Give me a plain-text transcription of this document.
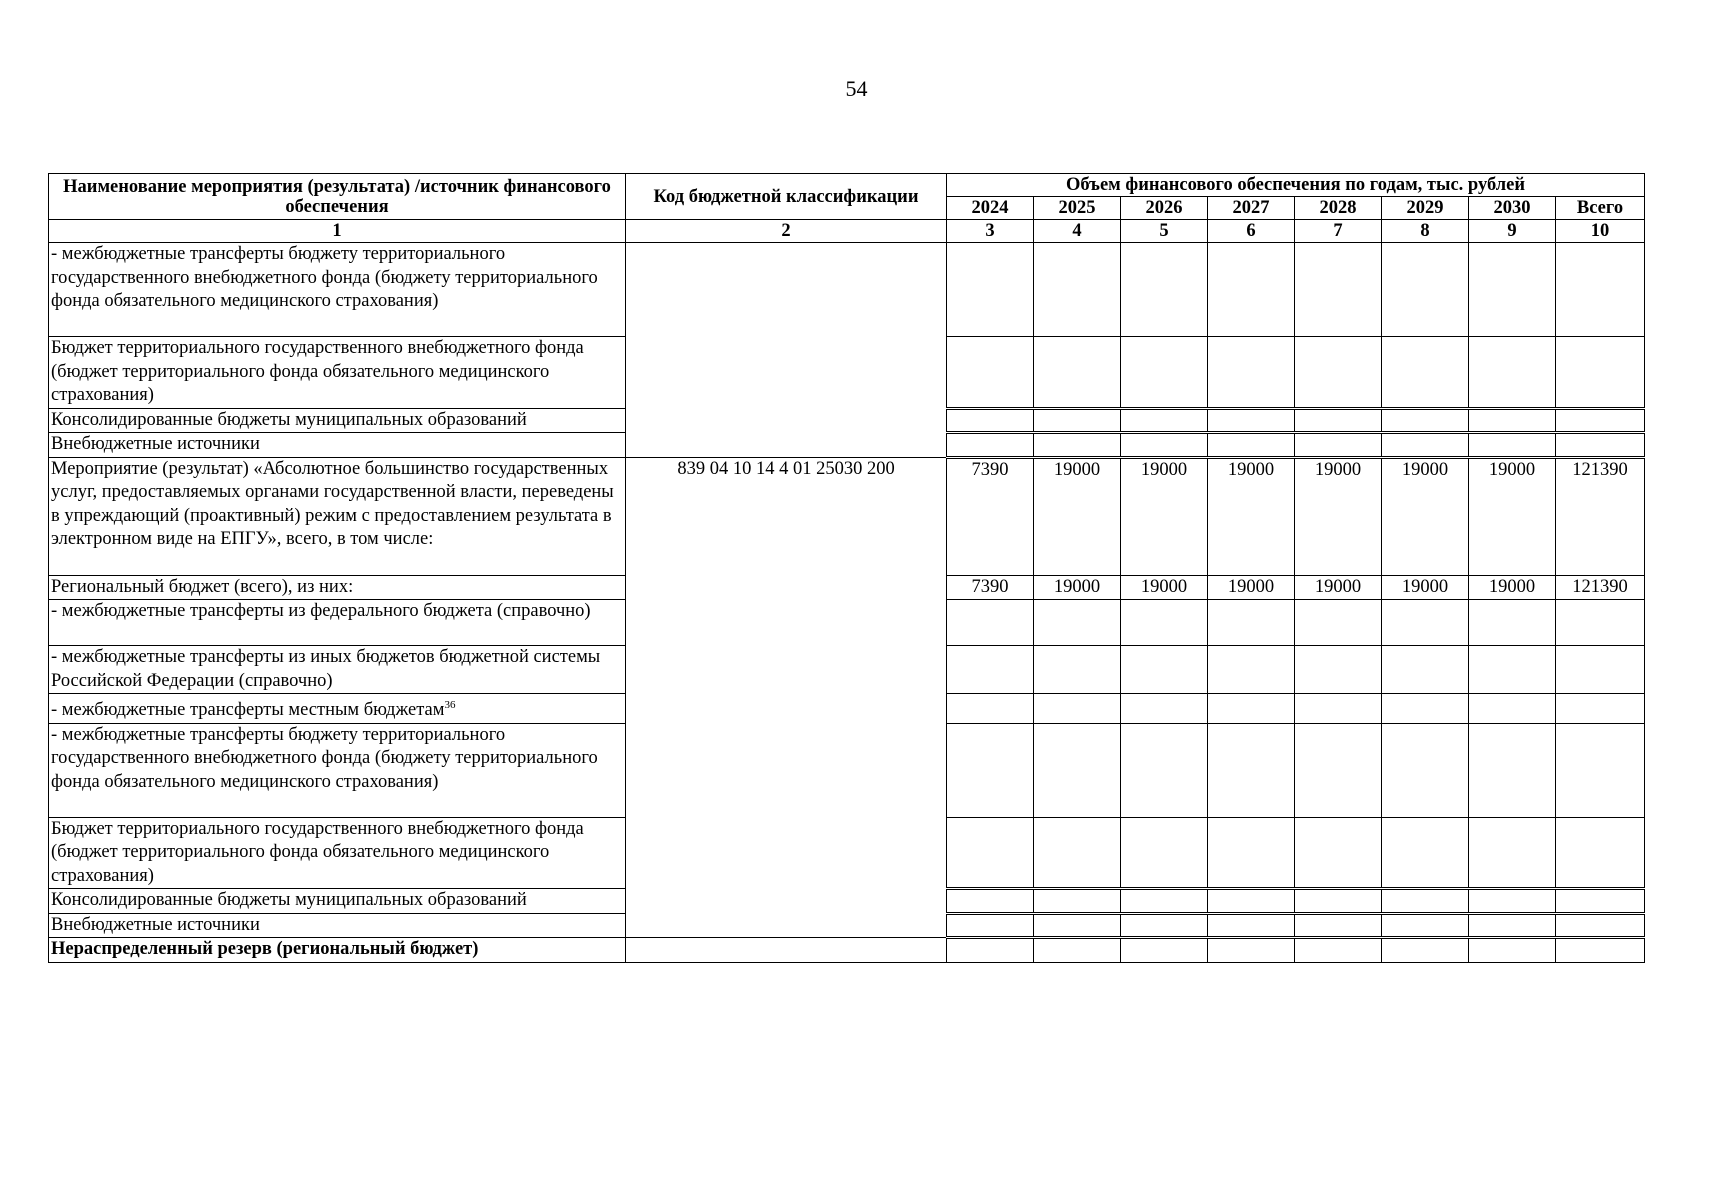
54
Наименование мероприятия (результата) /источник финансового обеспечения	Код бюджетной классификации	Объем финансового обеспечения по годам, тыс. рублей							
		2024	2025	2026	2027	2028	2029	2030	Всего
1	2	3	4	5	6	7	8	9	10
- межбюджетные трансферты бюджету территориального государственного внебюджетного фонда (бюджету территориального фонда обязательного медицинского страхования)									
Бюджет территориального государственного внебюджетного фонда (бюджет территориального фонда обязательного медицинского страхования)									
Консолидированные бюджеты муниципальных образований									
Внебюджетные источники									
Мероприятие (результат) «Абсолютное большинство государственных услуг, предоставляемых органами государственной власти, переведены в упреждающий (проактивный) режим с предоставлением результата в электронном виде на ЕПГУ», всего, в том числе:	839 04 10 14 4 01 25030 200	7390	19000	19000	19000	19000	19000	19000	121390
Региональный бюджет (всего), из них:		7390	19000	19000	19000	19000	19000	19000	121390
- межбюджетные трансферты из федерального бюджета (справочно)									
- межбюджетные трансферты из иных бюджетов бюджетной системы Российской Федерации (справочно)									
- межбюджетные трансферты местным бюджетам$^{36}$								
- межбюджетные трансферты бюджету территориального государственного внебюджетного фонда (бюджету территориального фонда обязательного медицинского страхования)									
Бюджет территориального государственного внебюджетного фонда (бюджет территориального фонда обязательного медицинского страхования)									
Консолидированные бюджеты муниципальных образований									
Внебюджетные источники									
Нераспределенный резерв (региональный бюджет)									
